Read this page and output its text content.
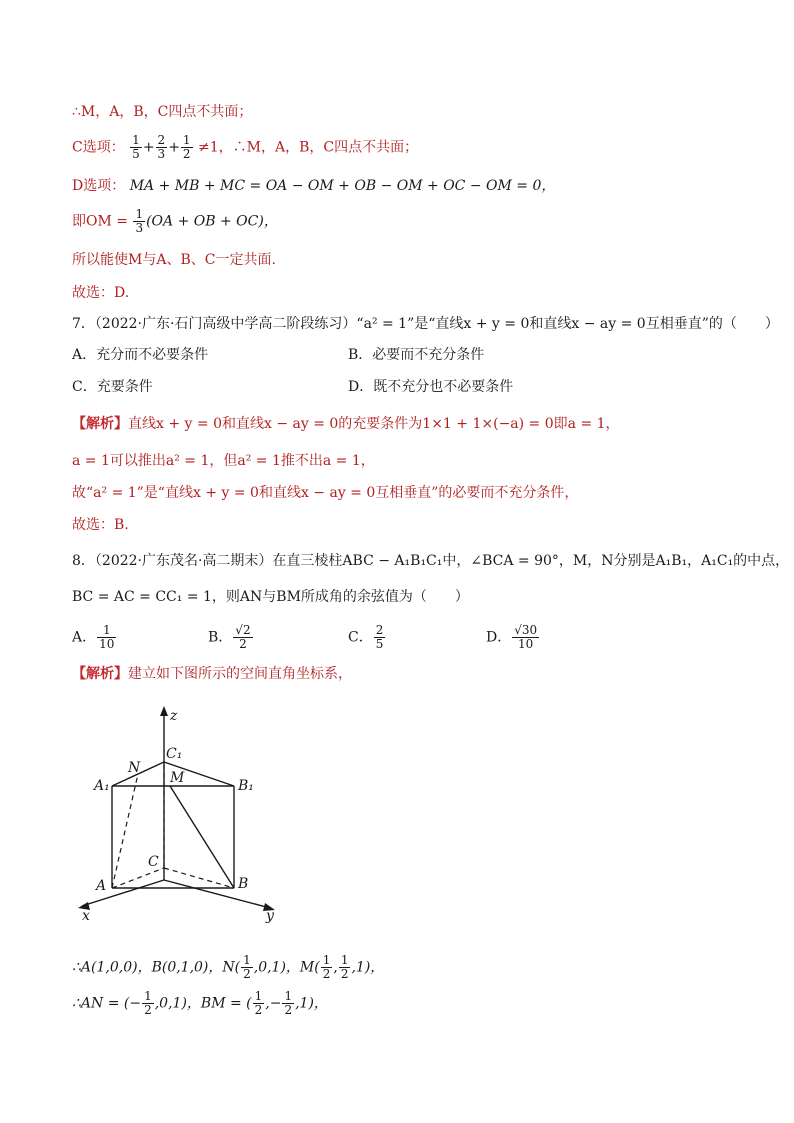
∴M，A，B，C四点不共面；
C选项： $\frac{1}{5} + \frac{2}{3} + \frac{1}{2} \ne 1$，∴M，A，B，C四点不共面；
D选项： MA + MB + MC = OA − OM + OB − OM + OC − OM = 0，
即OM = $\frac{1}{3} (OA$ + OB + OC)，
所以能使M与A、B、C一定共面.
故选：D.
7．（2022·广东·石门高级中学高二阶段练习）“a² = 1”是“直线x + y = 0和直线x − ay = 0互相垂直”的（　　）
A．充分而不必要条件	B．必要而不充分条件
C．充要条件	D．既不充分也不必要条件
【解析】直线x + y = 0和直线x − ay = 0的充要条件为1×1 + 1×(−a) = 0即a = 1，
a = 1可以推出a² = 1，但a² = 1推不出a = 1，
故“a² = 1”是“直线x + y = 0和直线x − ay = 0互相垂直”的必要而不充分条件，
故选：B.
8．（2022·广东茂名·高二期末）在直三棱柱ABC − A₁B₁C₁中，∠BCA = 90°，M，N分别是A₁B₁，A₁C₁的中点，
BC = AC = CC₁ = 1，则AN与BM所成角的余弦值为（　　）
A． $\frac{1}{10}$	B． $\frac{√2}{2}$	C． $\frac{2}{5}$	D． $\frac{√30}{10}$
【解析】建立如下图所示的空间直角坐标系，
z
x	y
C₁
A₁	B₁
N
M
C
A	B
∴A(1,0,0)，B(0,1,0)，$N( \frac{1}{2} ,0,1)$，$M( \frac{1}{2}$ , $\frac{1}{2} ,1$)，
∴AN = (− $\frac{1}{2} ,0,1$)，BM = ( $\frac{1}{2}$ ,− $\frac{1}{2} ,1$)，
